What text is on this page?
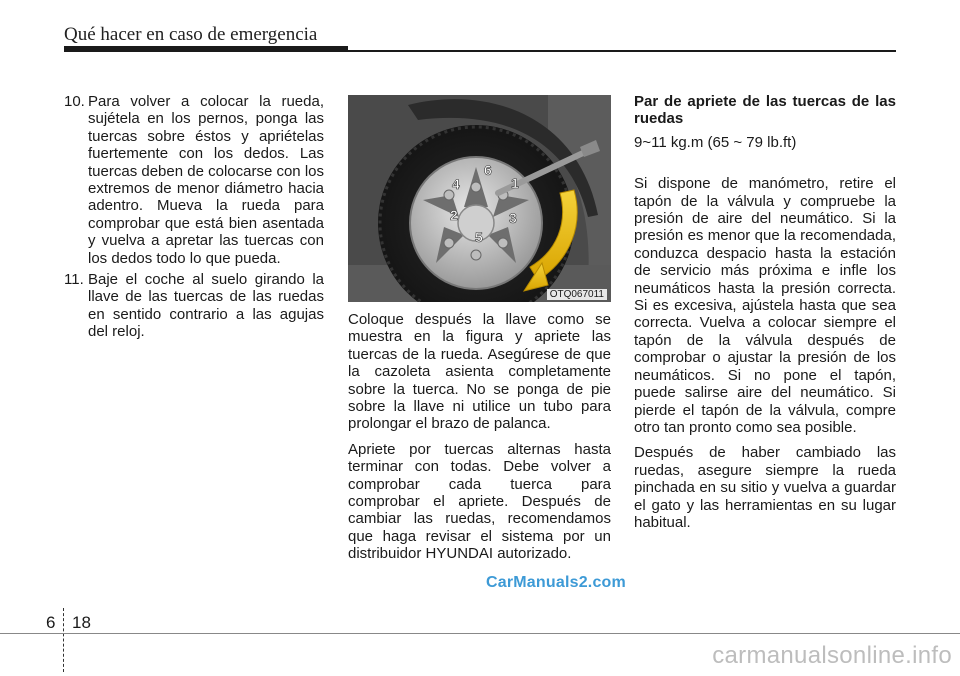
Qué hacer en caso de emergencia
10. Para volver a colocar la rueda, sujétela en los pernos, ponga las tuercas sobre éstos y apriételas fuertemente con los dedos. Las tuercas deben de colocarse con los extremos de menor diámetro hacia adentro. Mueva la rueda para comprobar que está bien asentada y vuelva a apretar las tuercas con los dedos todo lo que pueda.
11. Baje el coche al suelo girando la llave de las tuercas de las ruedas en sentido contrario a las agujas del reloj.
1
2	3
4
5
6
OTQ067011

Coloque después la llave como se muestra en la figura y apriete las tuercas de la rueda. Asegúrese de que la cazoleta asienta completamente sobre la tuerca. No se ponga de pie sobre la llave ni utilice un tubo para prolongar el brazo de palanca.

Apriete por tuercas alternas hasta terminar con todas. Debe volver a comprobar cada tuerca para comprobar el apriete. Después de cambiar las ruedas, recomendamos que haga revisar el sistema por un distribuidor HYUNDAI autorizado.

Par de apriete de las tuercas de las ruedas

9~11 kg.m (65 ~ 79 lb.ft)

Si dispone de manómetro, retire el tapón de la válvula y compruebe la presión de aire del neumático. Si la presión es menor que la recomendada, conduzca despacio hasta la estación de servicio más próxima e infle los neumáticos hasta la presión correcta. Si es excesiva, ajústela hasta que sea correcta. Vuelva a colocar siempre el tapón de la válvula después de comprobar o ajustar la presión de los neumáticos. Si no pone el tapón, puede salirse aire del neumático. Si pierde el tapón de la válvula, compre otro tan pronto como sea posible.

Después de haber cambiado las ruedas, asegure siempre la rueda pinchada en su sitio y vuelva a guardar el gato y las herramientas en su lugar habitual.

CarManuals2.com
6 18
carmanualsonline.info
